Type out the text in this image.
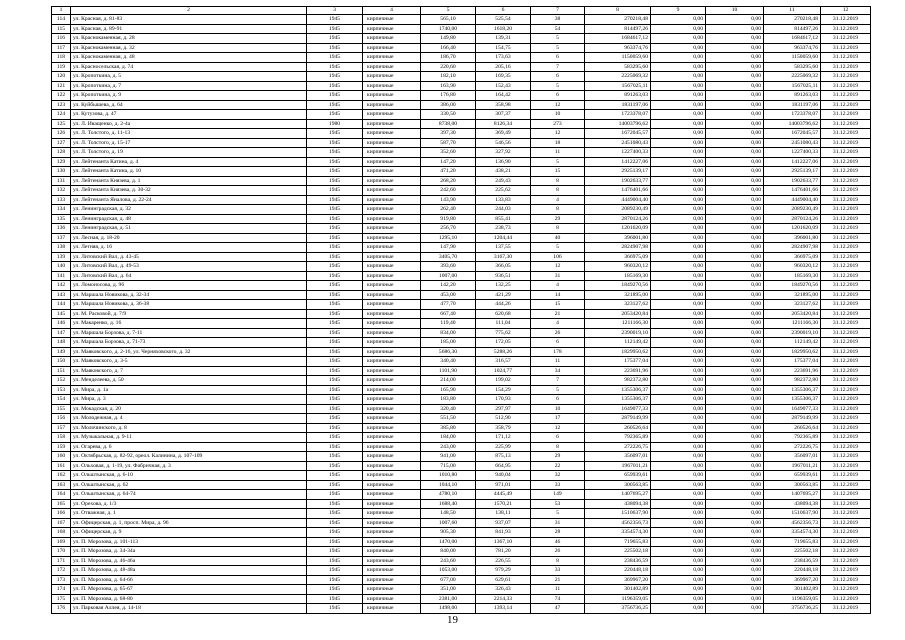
1	2	3	4	5	6	7	8	9	10	11	12
114	ул. Красная, д. 81-83	1945	кирпичные	565,10	525,54	38	270218,48	0,00	0,00	270218,48	31.12.2019
115	ул. Красная, д. 89-91	1945	кирпичные	1740,00	1618,20	54	814497,26	0,00	0,00	814497,26	31.12.2019
116	ул. Краснокаменная, д. 28	1945	кирпичные	149,80	139,31	5	1684617,12	0,00	0,00	1684617,12	31.12.2019
117	ул. Краснокаменная, д. 32	1945	кирпичные	166,40	154,75	5	963374,76	0,00	0,00	963374,76	31.12.2019
118	ул. Краснокаменная, д. 48	1945	кирпичные	186,70	173,63	6	1150059,60	0,00	0,00	1150059,60	31.12.2019
119	ул. Красносельская, д. 74	1945	кирпичные	220,60	205,16	7	583295,60	0,00	0,00	583295,60	31.12.2019
120	ул. Кропоткина, д. 5	1945	кирпичные	182,10	169,35	6	2225069,32	0,00	0,00	2225069,32	31.12.2019
121	ул. Кропоткина, д. 7	1945	кирпичные	163,90	152,43	5	1567025,11	0,00	0,00	1567025,11	31.12.2019
122	ул. Кропоткина, д. 9	1945	кирпичные	176,80	164,42	6	891263,03	0,00	0,00	891263,03	31.12.2019
123	ул. Куйбышева, д. 64	1945	кирпичные	386,00	358,98	12	1831197,06	0,00	0,00	1831197,06	31.12.2019
124	ул. Кутузова, д. 47	1945	кирпичные	330,50	307,37	10	1723378,07	0,00	0,00	1723378,07	31.12.2019
125	ул. Л. Иващенко, д. 2-4а	1980	кирпичные	8738,00	8126,34	273	14003796,62	0,00	0,00	14003796,62	31.12.2019
126	ул. Л. Толстого, д. 11-13	1945	кирпичные	397,30	369,49	12	1672045,57	0,00	0,00	1672045,57	31.12.2019
127	ул. Л. Толстого, д. 15-17	1945	кирпичные	587,70	546,56	18	2451080,43	0,00	0,00	2451080,43	31.12.2019
128	ул. Л. Толстого, д. 19	1945	кирпичные	352,60	327,92	11	1227400,33	0,00	0,00	1227400,33	31.12.2019
129	ул. Лейтенанта Катина, д. 4	1945	кирпичные	147,20	136,90	5	1412227,06	0,00	0,00	1412227,06	31.12.2019
130	ул. Лейтенанта Катина, д. 10	1945	кирпичные	471,20	438,21	15	2925139,17	0,00	0,00	2925139,17	31.12.2019
131	ул. Лейтенанта Князева, д. 1	1945	кирпичные	268,20	249,43	8	1902633,77	0,00	0,00	1902633,77	31.12.2019
132	ул. Лейтенанта Князева, д. 30-32	1945	кирпичные	242,60	225,62	8	1476401,66	0,00	0,00	1476401,66	31.12.2019
133	ул. Лейтенанта Яналова, д. 22-24	1945	кирпичные	143,90	133,83	4	4449004,40	0,00	0,00	4449004,40	31.12.2019
134	ул. Ленинградская, д. 32	1945	кирпичные	262,40	244,03	8	2089230,49	0,00	0,00	2089230,49	31.12.2019
135	ул. Ленинградская, д. 48	1945	кирпичные	919,80	855,41	29	2870124,26	0,00	0,00	2870124,26	31.12.2019
136	ул. Ленинградская, д. 51	1945	кирпичные	256,70	238,73	8	1201620,09	0,00	0,00	1201620,09	31.12.2019
137	ул. Лесная, д. 18-20	1945	кирпичные	1295,10	1204,44	40	396001,80	0,00	0,00	396001,80	31.12.2019
138	ул. Летняя, д. 16	1945	кирпичные	147,90	137,55	5	2824907,98	0,00	0,00	2824907,98	31.12.2019
139	ул. Литовский Вал, д. 43-45	1945	кирпичные	3405,70	3167,30	106	366975,09	0,00	0,00	366975,09	31.12.2019
140	ул. Литовский Вал, д. 49-53	1945	кирпичные	393,60	366,05	12	960320,12	0,00	0,00	960320,12	31.12.2019
141	ул. Литовский Вал, д. 64	1945	кирпичные	1007,00	936,51	31	185169,30	0,00	0,00	185169,30	31.12.2019
142	ул. Ломоносова, д. 96	1945	кирпичные	142,20	132,25	4	1849270,56	0,00	0,00	1849270,56	31.12.2019
143	ул. Маршала Новикова, д. 32-34	1945	кирпичные	453,00	421,29	14	321895,00	0,00	0,00	321895,00	31.12.2019
144	ул. Маршала Новикова, д. 36-38	1945	кирпичные	477,70	444,26	15	323127,62	0,00	0,00	323127,62	31.12.2019
145	ул. М. Расковой, д. 7/9	1945	кирпичные	667,40	620,68	21	2053420,84	0,00	0,00	2053420,84	31.12.2019
146	ул. Макаренко, д. 16	1945	кирпичные	119,40	111,04	4	1211166,30	0,00	0,00	1211166,30	31.12.2019
147	ул. Маршала Борзова, д. 7-11	1945	кирпичные	834,00	775,62	26	2390019,10	0,00	0,00	2390019,10	31.12.2019
148	ул. Маршала Борзова, д. 71-73	1945	кирпичные	185,00	172,05	6	112149,42	0,00	0,00	112149,42	31.12.2019
149	ул. Маяковского, д. 2-16, ул. Черняховского, д. 32	1945	кирпичные	5686,30	5288,26	178	1829950,62	0,00	0,00	1829950,62	31.12.2019
150	ул. Маяковского, д. 3-5	1945	кирпичные	340,40	316,57	11	175377,04	0,00	0,00	175377,04	31.12.2019
151	ул. Маяковского, д. 7	1945	кирпичные	1101,90	1024,77	34	223691,96	0,00	0,00	223691,96	31.12.2019
152	ул. Менделеева, д. 50	1945	кирпичные	214,00	199,02	7	982372,80	0,00	0,00	982372,80	31.12.2019
153	ул. Мира, д. 1а	1945	кирпичные	165,90	154,29	5	1355306,37	0,00	0,00	1355306,37	31.12.2019
154	ул. Мира, д. 3	1945	кирпичные	183,80	170,93	6	1355306,37	0,00	0,00	1355306,37	31.12.2019
155	ул. Мокадская, д. 20	1945	кирпичные	320,40	297,97	10	1649077,33	0,00	0,00	1649077,33	31.12.2019
156	ул. Молодежная, д. 4	1945	кирпичные	551,50	512,90	17	2879149,99	0,00	0,00	2879149,99	31.12.2019
157	ул. Молочинского, д. 8	1945	кирпичные	385,80	358,79	12	260526,64	0,00	0,00	260526,64	31.12.2019
158	ул. Музыкальная, д. 9-11	1945	кирпичные	184,00	171,12	6	792365,89	0,00	0,00	792365,89	31.12.2019
159	ул. Огарева, д. 6	1945	кирпичные	243,00	225,99	8	272226,75	0,00	0,00	272226,75	31.12.2019
160	ул. Октябрьская, д. 82-92, ореол. Калинина, д. 107-109	1945	кирпичные	941,00	875,13	29	356097,01	0,00	0,00	356097,01	31.12.2019
161	ул. Ольховая, д. 1-19, ул. Фабричная, д. 3	1945	кирпичные	715,00	664,95	22	1967011,21	0,00	0,00	1967011,21	31.12.2019
162	ул. Ольштынская, д. 6-10	1945	кирпичные	1010,80	940,04	32	659939,61	0,00	0,00	659939,61	31.12.2019
163	ул. Ольштынская, д. 62	1945	кирпичные	1044,10	971,01	33	300563,85	0,00	0,00	300563,85	31.12.2019
164	ул. Ольштынская, д. 64-74	1945	кирпичные	4780,10	4445,49	149	1407695,27	0,00	0,00	1407695,27	31.12.2019
165	ул. Орехова, д. 1/3	1945	кирпичные	1688,40	1570,21	53	438094,38	0,00	0,00	438094,38	31.12.2019
166	ул. Отважная, д. 1	1945	кирпичные	148,50	138,11	5	1510637,90	0,00	0,00	1510637,90	31.12.2019
167	ул. Офицерская, д. 1, просп. Мира, д. 96	1945	кирпичные	1007,60	937,07	31	4562356,73	0,00	0,00	4562356,73	31.12.2019
168	ул. Офицерская, д. 9	1945	кирпичные	905,30	841,93	28	3354574,30	0,00	0,00	3354574,30	31.12.2019
169	ул. П. Морозова, д. 101-113	1945	кирпичные	1470,00	1367,10	46	719655,83	0,00	0,00	719655,83	31.12.2019
170	ул. П. Морозова, д. 34-34а	1945	кирпичные	840,00	781,20	26	225502,18	0,00	0,00	225502,18	31.12.2019
171	ул. П. Морозова, д. 46-46а	1945	кирпичные	243,60	226,55	8	238436,59	0,00	0,00	238436,59	31.12.2019
172	ул. П. Морозова, д. 48-48а	1945	кирпичные	1053,00	979,29	33	220448,18	0,00	0,00	220448,18	31.12.2019
173	ул. П. Морозова, д. 64-66	1945	кирпичные	677,00	629,61	21	369967,20	0,00	0,00	369967,20	31.12.2019
174	ул. П. Морозова, д. 65-67	1945	кирпичные	351,00	326,43	11	301402,89	0,00	0,00	301402,89	31.12.2019
175	ул. П. Морозова, д. 68-80	1945	кирпичные	2381,00	2214,33	74	1196359,05	0,00	0,00	1196359,05	31.12.2019
176	ул. Парковая Аллея, д. 14-18	1945	кирпичные	1498,00	1393,14	47	3756736,25	0,00	0,00	3756736,25	31.12.2019
19
